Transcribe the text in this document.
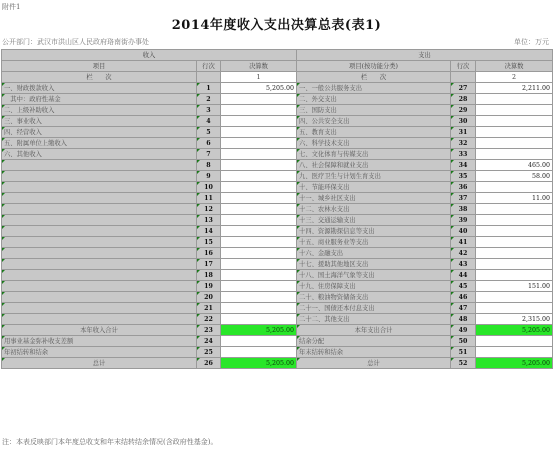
附件1
2014年度收入支出决算总表(表1)
公开部门：武汉市洪山区人民政府珞南街办事处	单位：万元
收入			支出		
项目	行次	决算数	项目(按功能分类)	行次	决算数
栏　　次		1	栏　　次		2
一、财政拨款收入	1	5,205.00	一、一般公共服务支出	27	2,211.00
　其中：政府性基金	2		二、外交支出	28	
二、上级补助收入	3		三、国防支出	29	
三、事业收入	4		四、公共安全支出	30	
四、经营收入	5		五、教育支出	31	
五、附属单位上缴收入	6		六、科学技术支出	32	
六、其他收入	7		七、文化体育与传媒支出	33	
	8		八、社会保障和就业支出	34	465.00
	9		九、医疗卫生与计划生育支出	35	58.00
	10		十、节能环保支出	36	
	11		十一、城乡社区支出	37	11.00
	12		十二、农林水支出	38	
	13		十三、交通运输支出	39	
	14		十四、资源勘探信息等支出	40	
	15		十五、商业服务业等支出	41	
	16		十六、金融支出	42	
	17		十七、援助其他地区支出	43	
	18		十八、国土海洋气象等支出	44	
	19		十九、住房保障支出	45	151.00
	20		二十、粮油物资储备支出	46	
	21		二十一、国债还本付息支出	47	
	22		二十二、其他支出	48	2,315.00
本年收入合计	23	5,205.00	本年支出合计	49	5,205.00
用事业基金弥补收支差额	24		结余分配	50	
年初结转和结余	25		年末结转和结余	51	
总计	26	5,205.00	总计	52	5,205.00
注：本表反映部门本年度总收支和年末结转结余情况(含政府性基金)。
